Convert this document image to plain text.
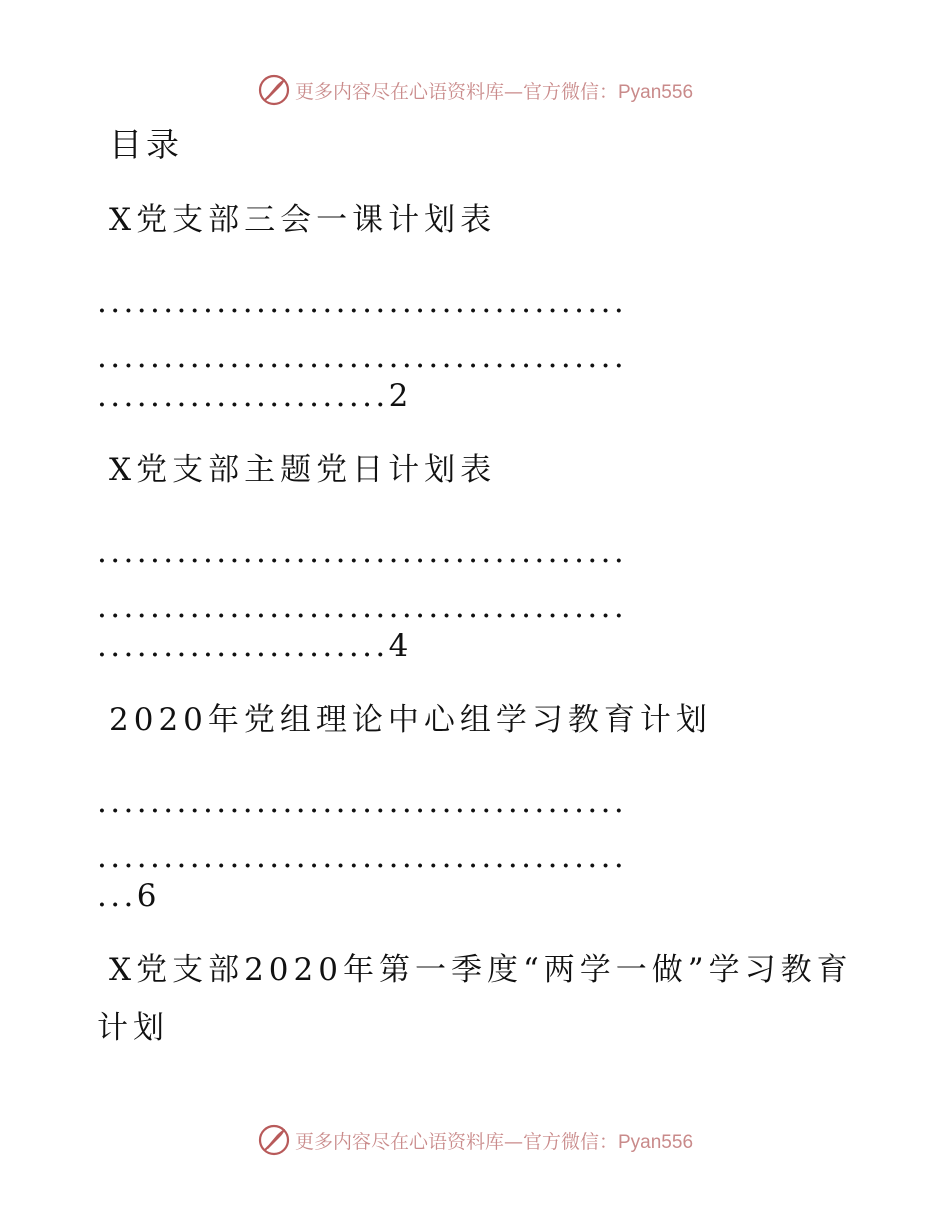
更多内容尽在心语资料库—官方微信：Pyan556
目录
X党支部三会一课计划表
........................................
........................................
......................2
X党支部主题党日计划表
........................................
........................................
......................4
2020年党组理论中心组学习教育计划
........................................
........................................
...6
X党支部2020年第一季度“两学一做”学习教育
计划
更多内容尽在心语资料库—官方微信：Pyan556
